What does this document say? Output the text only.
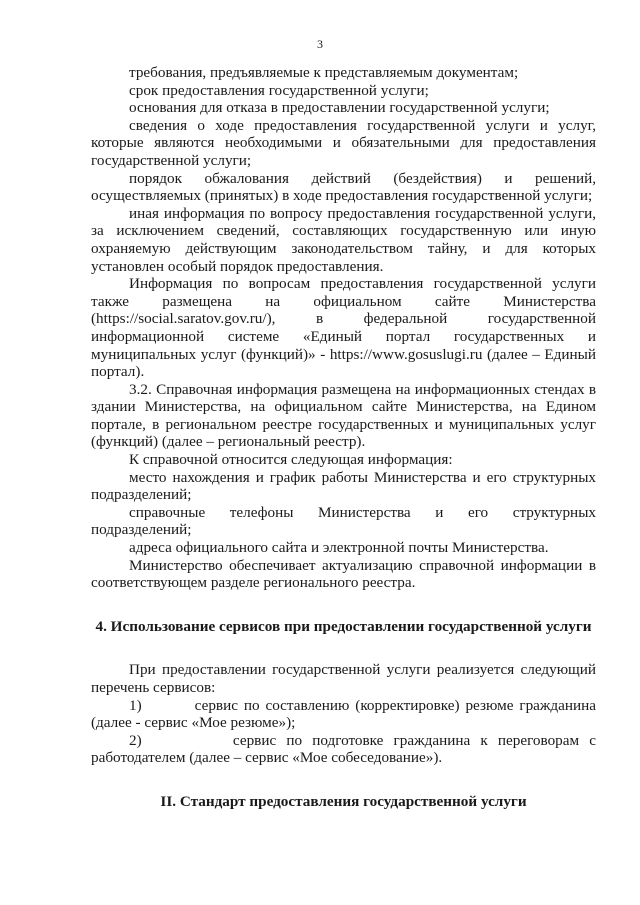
3

требования, предъявляемые к представляемым документам;

срок предоставления государственной услуги;

основания для отказа в предоставлении государственной услуги;

сведения о ходе предоставления государственной услуги и услуг, которые являются необходимыми и обязательными для предоставления государственной услуги;

порядок обжалования действий (бездействия) и решений, осуществляемых (принятых) в ходе предоставления государственной услуги;

иная информация по вопросу предоставления государственной услуги, за исключением сведений, составляющих государственную или иную охраняемую действующим законодательством тайну, и для которых установлен особый порядок предоставления.

Информация по вопросам предоставления государственной услуги также размещена на официальном сайте Министерства (https://social.saratov.gov.ru/), в федеральной государственной информационной системе «Единый портал государственных и муниципальных услуг (функций)» - https://www.gosuslugi.ru (далее – Единый портал).

3.2. Справочная информация размещена на информационных стендах в здании Министерства, на официальном сайте Министерства, на Едином портале, в региональном реестре государственных и муниципальных услуг (функций) (далее – региональный реестр).

К справочной относится следующая информация:

место нахождения и график работы Министерства и его структурных подразделений;

справочные телефоны Министерства и его структурных подразделений;

адреса официального сайта и электронной почты Министерства.

Министерство обеспечивает актуализацию справочной информации в соответствующем разделе регионального реестра.

4. Использование сервисов при предоставлении государственной услуги

При предоставлении государственной услуги реализуется следующий перечень сервисов:

1)	сервис по составлению (корректировке) резюме гражданина (далее - сервис «Мое резюме»);

2)	сервис по подготовке гражданина к переговорам с работодателем (далее – сервис «Мое собеседование»).

II. Стандарт предоставления государственной услуги
